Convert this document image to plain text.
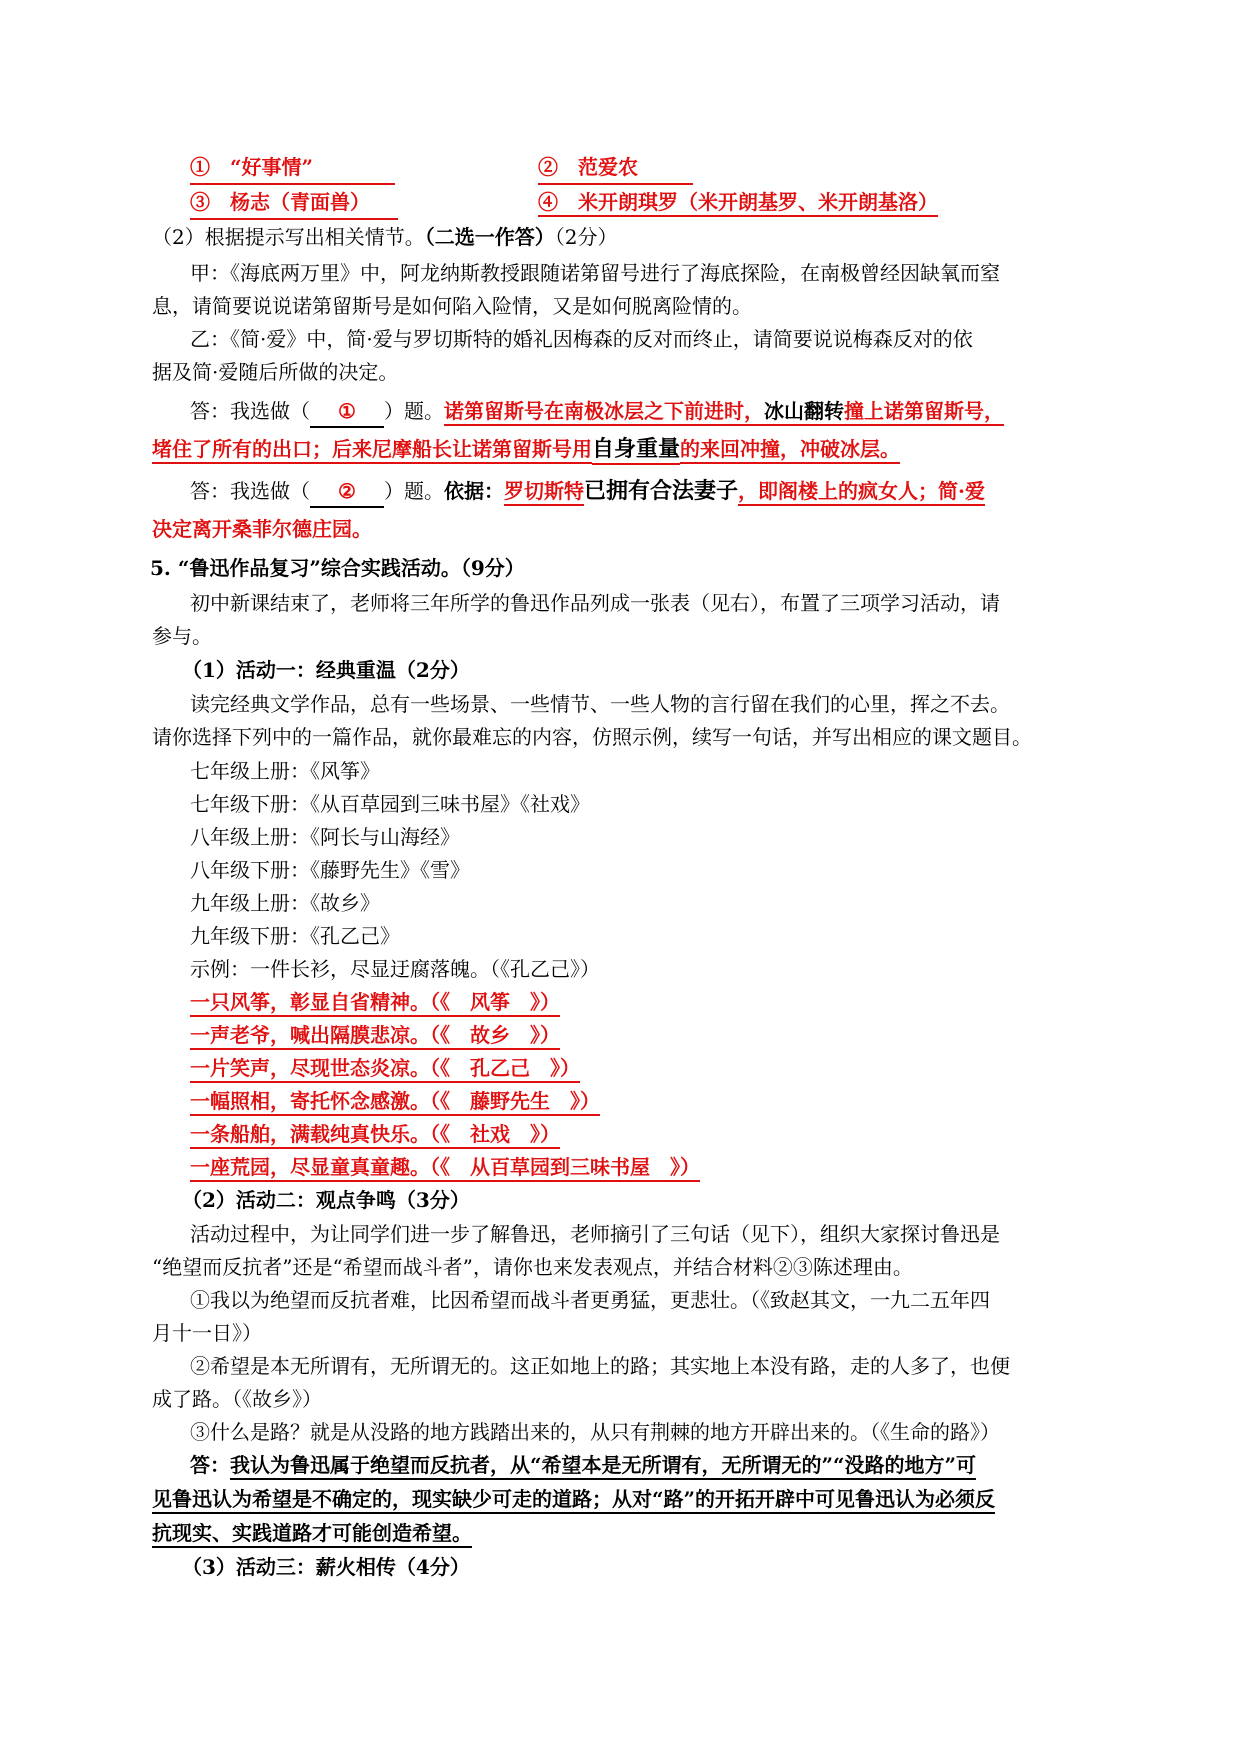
①　“好事情”	②　范爱农
③　杨志（青面兽）	④　米开朗琪罗（米开朗基罗、米开朗基洛）
（2）根据提示写出相关情节。（二选一作答）（2分）
甲：《海底两万里》中，阿龙纳斯教授跟随诺第留号进行了海底探险，在南极曾经因缺氧而窒
息，请简要说说诺第留斯号是如何陷入险情，又是如何脱离险情的。
乙：《简·爱》中，简·爱与罗切斯特的婚礼因梅森的反对而终止，请简要说说梅森反对的依
据及简·爱随后所做的决定。
答：我选做（ ① ）题。诺第留斯号在南极冰层之下前进时，冰山翻转撞上诺第留斯号，
堵住了所有的出口；后来尼摩船长让诺第留斯号用自身重量的来回冲撞，冲破冰层。
答：我选做（ ② ）题。依据：罗切斯特已拥有合法妻子，即阁楼上的疯女人；简·爱
决定离开桑菲尔德庄园。
5. “鲁迅作品复习”综合实践活动。（9分）
初中新课结束了，老师将三年所学的鲁迅作品列成一张表（见右），布置了三项学习活动，请
参与。
（1）活动一：经典重温（2分）
读完经典文学作品，总有一些场景、一些情节、一些人物的言行留在我们的心里，挥之不去。
请你选择下列中的一篇作品，就你最难忘的内容，仿照示例，续写一句话，并写出相应的课文题目。
七年级上册：《风筝》
七年级下册：《从百草园到三味书屋》《社戏》
八年级上册：《阿长与山海经》
八年级下册：《藤野先生》《雪》
九年级上册：《故乡》
九年级下册：《孔乙己》
示例：一件长衫，尽显迂腐落魄。（《孔乙己》）
一只风筝，彰显自省精神。（《　风筝　》）
一声老爷，喊出隔膜悲凉。（《　故乡　》）
一片笑声，尽现世态炎凉。（《　孔乙己　》）
一幅照相，寄托怀念感激。（《　藤野先生　》）
一条船舶，满载纯真快乐。（《　社戏　》）
一座荒园，尽显童真童趣。（《　从百草园到三味书屋　》）
（2）活动二：观点争鸣（3分）
活动过程中，为让同学们进一步了解鲁迅，老师摘引了三句话（见下），组织大家探讨鲁迅是
“绝望而反抗者”还是“希望而战斗者”，请你也来发表观点，并结合材料②③陈述理由。
①我以为绝望而反抗者难，比因希望而战斗者更勇猛，更悲壮。（《致赵其文，一九二五年四
月十一日》）
②希望是本无所谓有，无所谓无的。这正如地上的路；其实地上本没有路，走的人多了，也便
成了路。（《故乡》）
③什么是路？就是从没路的地方践踏出来的，从只有荆棘的地方开辟出来的。（《生命的路》）
答：我认为鲁迅属于绝望而反抗者，从“希望本是无所谓有，无所谓无的”“没路的地方”可
见鲁迅认为希望是不确定的，现实缺少可走的道路；从对“路”的开拓开辟中可见鲁迅认为必须反
抗现实、实践道路才可能创造希望。
（3）活动三：薪火相传（4分）
